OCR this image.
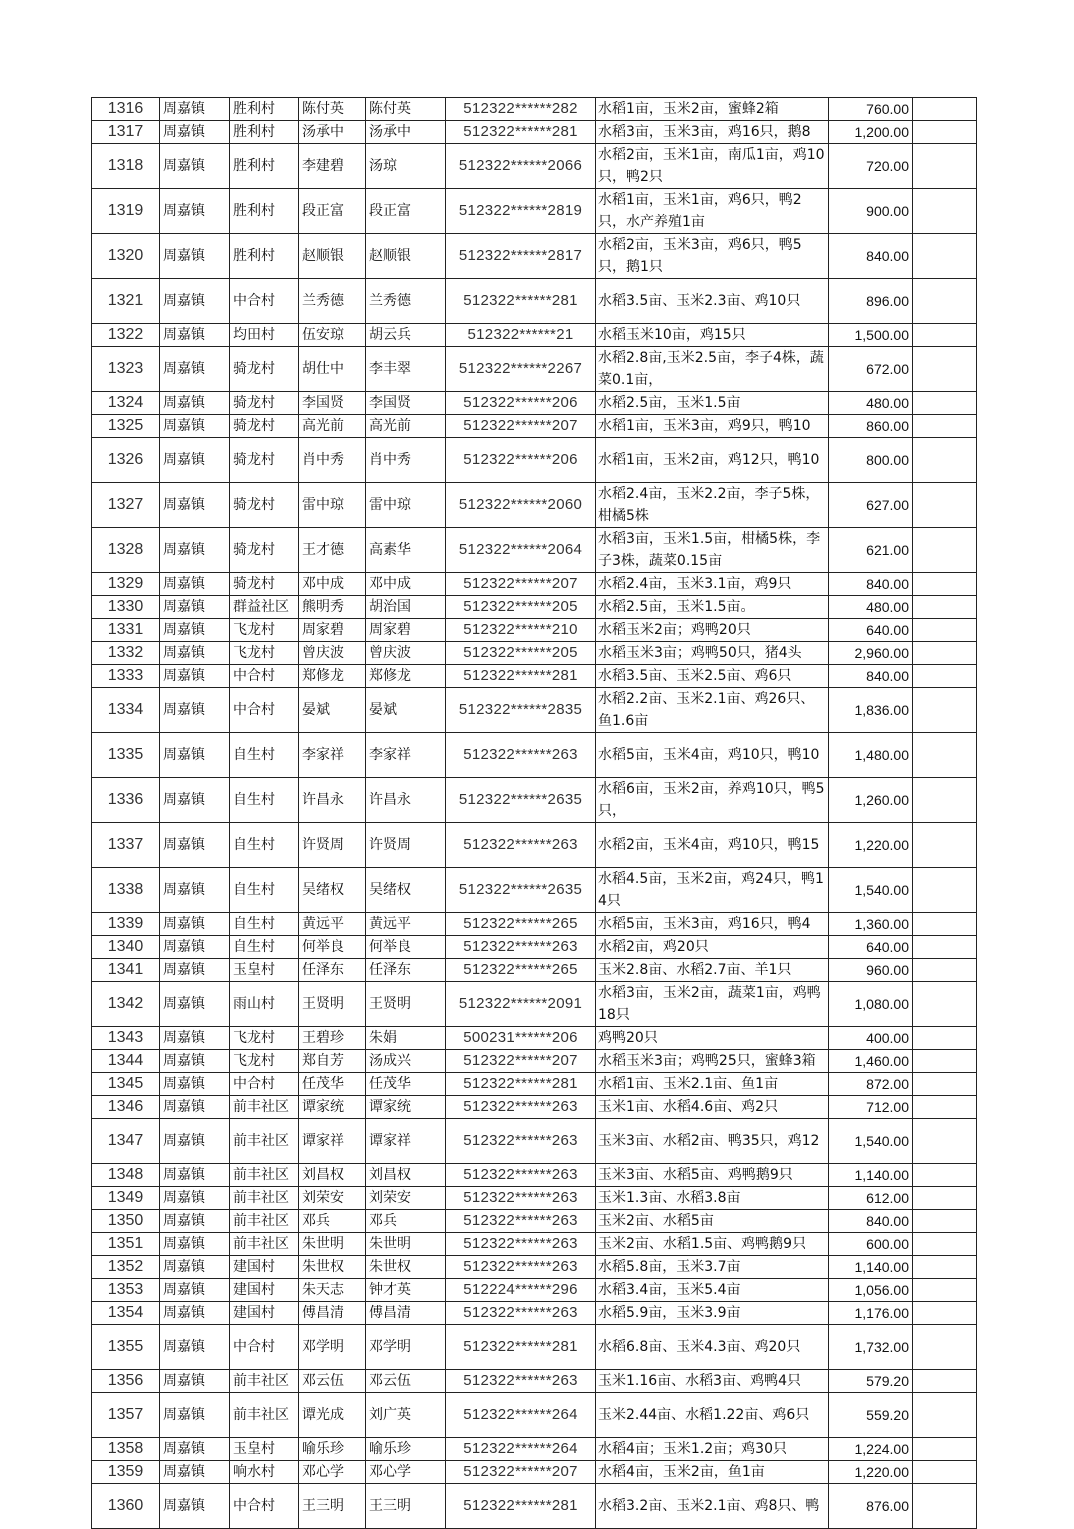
1316	周嘉镇	胜利村	陈付英	陈付英	512322******282	水稻1亩，玉米2亩，蜜蜂2箱	760.00	
1317	周嘉镇	胜利村	汤承中	汤承中	512322******281	水稻3亩，玉米3亩，鸡16只，鹅8	1,200.00	
1318	周嘉镇	胜利村	李建碧	汤琼	512322******2066	水稻2亩，玉米1亩，南瓜1亩，鸡10只，鸭2只	720.00	
1319	周嘉镇	胜利村	段正富	段正富	512322******2819	水稻1亩，玉米1亩，鸡6只，鸭2只，水产养殖1亩	900.00	
1320	周嘉镇	胜利村	赵顺银	赵顺银	512322******2817	水稻2亩，玉米3亩，鸡6只，鸭5只，鹅1只	840.00	
1321	周嘉镇	中合村	兰秀德	兰秀德	512322******281	水稻3.5亩、玉米2.3亩、鸡10只	896.00	
1322	周嘉镇	均田村	伍安琼	胡云兵	512322******21	水稻玉米10亩，鸡15只	1,500.00	
1323	周嘉镇	骑龙村	胡仕中	李丰翠	512322******2267	水稻2.8亩,玉米2.5亩，李子4株，蔬菜0.1亩，	672.00	
1324	周嘉镇	骑龙村	李国贤	李国贤	512322******206	水稻2.5亩，玉米1.5亩	480.00	
1325	周嘉镇	骑龙村	高光前	高光前	512322******207	水稻1亩，玉米3亩，鸡9只，鸭10	860.00	
1326	周嘉镇	骑龙村	肖中秀	肖中秀	512322******206	水稻1亩，玉米2亩，鸡12只，鸭10	800.00	
1327	周嘉镇	骑龙村	雷中琼	雷中琼	512322******2060	水稻2.4亩，玉米2.2亩，李子5株，柑橘5株	627.00	
1328	周嘉镇	骑龙村	王才德	高素华	512322******2064	水稻3亩，玉米1.5亩，柑橘5株，李子3株，蔬菜0.15亩	621.00	
1329	周嘉镇	骑龙村	邓中成	邓中成	512322******207	水稻2.4亩，玉米3.1亩，鸡9只	840.00	
1330	周嘉镇	群益社区	熊明秀	胡治国	512322******205	水稻2.5亩，玉米1.5亩。	480.00	
1331	周嘉镇	飞龙村	周家碧	周家碧	512322******210	水稻玉米2亩；鸡鸭20只	640.00	
1332	周嘉镇	飞龙村	曾庆波	曾庆波	512322******205	水稻玉米3亩；鸡鸭50只，猪4头	2,960.00	
1333	周嘉镇	中合村	郑修龙	郑修龙	512322******281	水稻3.5亩、玉米2.5亩、鸡6只	840.00	
1334	周嘉镇	中合村	晏斌	晏斌	512322******2835	水稻2.2亩、玉米2.1亩、鸡26只、鱼1.6亩	1,836.00	
1335	周嘉镇	自生村	李家祥	李家祥	512322******263	水稻5亩，玉米4亩，鸡10只，鸭10	1,480.00	
1336	周嘉镇	自生村	许昌永	许昌永	512322******2635	水稻6亩，玉米2亩，养鸡10只，鸭5只，	1,260.00	
1337	周嘉镇	自生村	许贤周	许贤周	512322******263	水稻2亩，玉米4亩，鸡10只，鸭15	1,220.00	
1338	周嘉镇	自生村	吴绪权	吴绪权	512322******2635	水稻4.5亩，玉米2亩，鸡24只，鸭14只	1,540.00	
1339	周嘉镇	自生村	黄远平	黄远平	512322******265	水稻5亩，玉米3亩，鸡16只，鸭4	1,360.00	
1340	周嘉镇	自生村	何举良	何举良	512322******263	水稻2亩，鸡20只	640.00	
1341	周嘉镇	玉皇村	任泽东	任泽东	512322******265	玉米2.8亩、水稻2.7亩、羊1只	960.00	
1342	周嘉镇	雨山村	王贤明	王贤明	512322******2091	水稻3亩，玉米2亩，蔬菜1亩，鸡鸭18只	1,080.00	
1343	周嘉镇	飞龙村	王碧珍	朱娟	500231******206	鸡鸭20只	400.00	
1344	周嘉镇	飞龙村	郑自芳	汤成兴	512322******207	水稻玉米3亩；鸡鸭25只，蜜蜂3箱	1,460.00	
1345	周嘉镇	中合村	任茂华	任茂华	512322******281	水稻1亩、玉米2.1亩、鱼1亩	872.00	
1346	周嘉镇	前丰社区	谭家统	谭家统	512322******263	玉米1亩、水稻4.6亩、鸡2只	712.00	
1347	周嘉镇	前丰社区	谭家祥	谭家祥	512322******263	玉米3亩、水稻2亩、鸭35只，鸡12	1,540.00	
1348	周嘉镇	前丰社区	刘昌权	刘昌权	512322******263	玉米3亩、水稻5亩、鸡鸭鹅9只	1,140.00	
1349	周嘉镇	前丰社区	刘荣安	刘荣安	512322******263	玉米1.3亩、水稻3.8亩	612.00	
1350	周嘉镇	前丰社区	邓兵	邓兵	512322******263	玉米2亩、水稻5亩	840.00	
1351	周嘉镇	前丰社区	朱世明	朱世明	512322******263	玉米2亩、水稻1.5亩、鸡鸭鹅9只	600.00	
1352	周嘉镇	建国村	朱世权	朱世权	512322******263	水稻5.8亩，玉米3.7亩	1,140.00	
1353	周嘉镇	建国村	朱天志	钟才英	512224******296	水稻3.4亩，玉米5.4亩	1,056.00	
1354	周嘉镇	建国村	傅昌清	傅昌清	512322******263	水稻5.9亩，玉米3.9亩	1,176.00	
1355	周嘉镇	中合村	邓学明	邓学明	512322******281	水稻6.8亩、玉米4.3亩、鸡20只	1,732.00	
1356	周嘉镇	前丰社区	邓云伍	邓云伍	512322******263	玉米1.16亩、水稻3亩、鸡鸭4只	579.20	
1357	周嘉镇	前丰社区	谭光成	刘广英	512322******264	玉米2.44亩、水稻1.22亩、鸡6只	559.20	
1358	周嘉镇	玉皇村	喻乐珍	喻乐珍	512322******264	水稻4亩；玉米1.2亩；鸡30只	1,224.00	
1359	周嘉镇	响水村	邓心学	邓心学	512322******207	水稻4亩，玉米2亩，鱼1亩	1,220.00	
1360	周嘉镇	中合村	王三明	王三明	512322******281	水稻3.2亩、玉米2.1亩、鸡8只、鸭	876.00	
